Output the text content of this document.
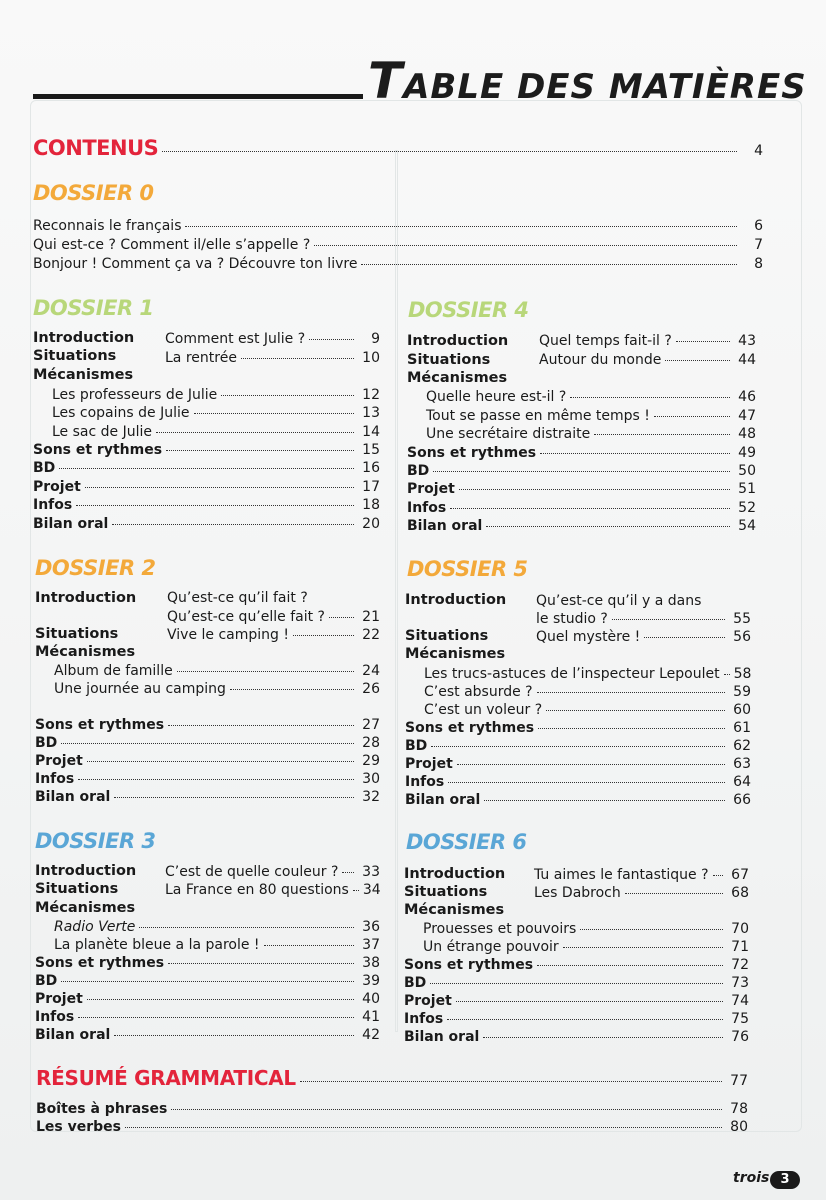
TABLE DES MATIÈRES
CONTENUS	4
DOSSIER 0
Reconnais le français	6
Qui est-ce ? Comment il/elle s’appelle ?	7
Bonjour ! Comment ça va ? Découvre ton livre	8
DOSSIER 1
Introduction Comment est Julie ?	9
Situations	La rentrée	10
Mécanismes
Les professeurs de Julie	12
Les copains de Julie	13
Le sac de Julie	14
Sons et rythmes	15
BD	16
Projet	17
Infos	18
Bilan oral	20
DOSSIER 2
Introduction Qu’est-ce qu’il fait ?
Qu’est-ce qu’elle fait ?	21
Situations	Vive le camping !	22
Mécanismes
Album de famille	24
Une journée au camping	26
Sons et rythmes	27
BD	28
Projet	29
Infos	30
Bilan oral	32
DOSSIER 3
Introduction C’est de quelle couleur ? 33
Situations	La France en 80 questions 34
Mécanismes
Radio Verte	36
La planète bleue a la parole !	37
Sons et rythmes	38
BD	39
Projet	40
Infos	41
Bilan oral	42
DOSSIER 4
Introduction Quel temps fait-il ?	43
Situations	Autour du monde	44
Mécanismes
Quelle heure est-il ?	46
Tout se passe en même temps !	47
Une secrétaire distraite	48
Sons et rythmes	49
BD	50
Projet	51
Infos	52
Bilan oral	54
DOSSIER 5
Introduction Qu’est-ce qu’il y a dans
le studio ?	55
Situations	Quel mystère !	56
Mécanismes
Les trucs-astuces de l’inspecteur Lepoulet 58
C’est absurde ?	59
C’est un voleur ?	60
Sons et rythmes	61
BD	62
Projet	63
Infos	64
Bilan oral	66
DOSSIER 6
Introduction Tu aimes le fantastique ? 67
Situations	Les Dabroch	68
Mécanismes
Prouesses et pouvoirs	70
Un étrange pouvoir	71
Sons et rythmes	72
BD	73
Projet	74
Infos	75
Bilan oral	76
RÉSUMÉ GRAMMATICAL	77
Boîtes à phrases	78
Les verbes	80
trois 3
